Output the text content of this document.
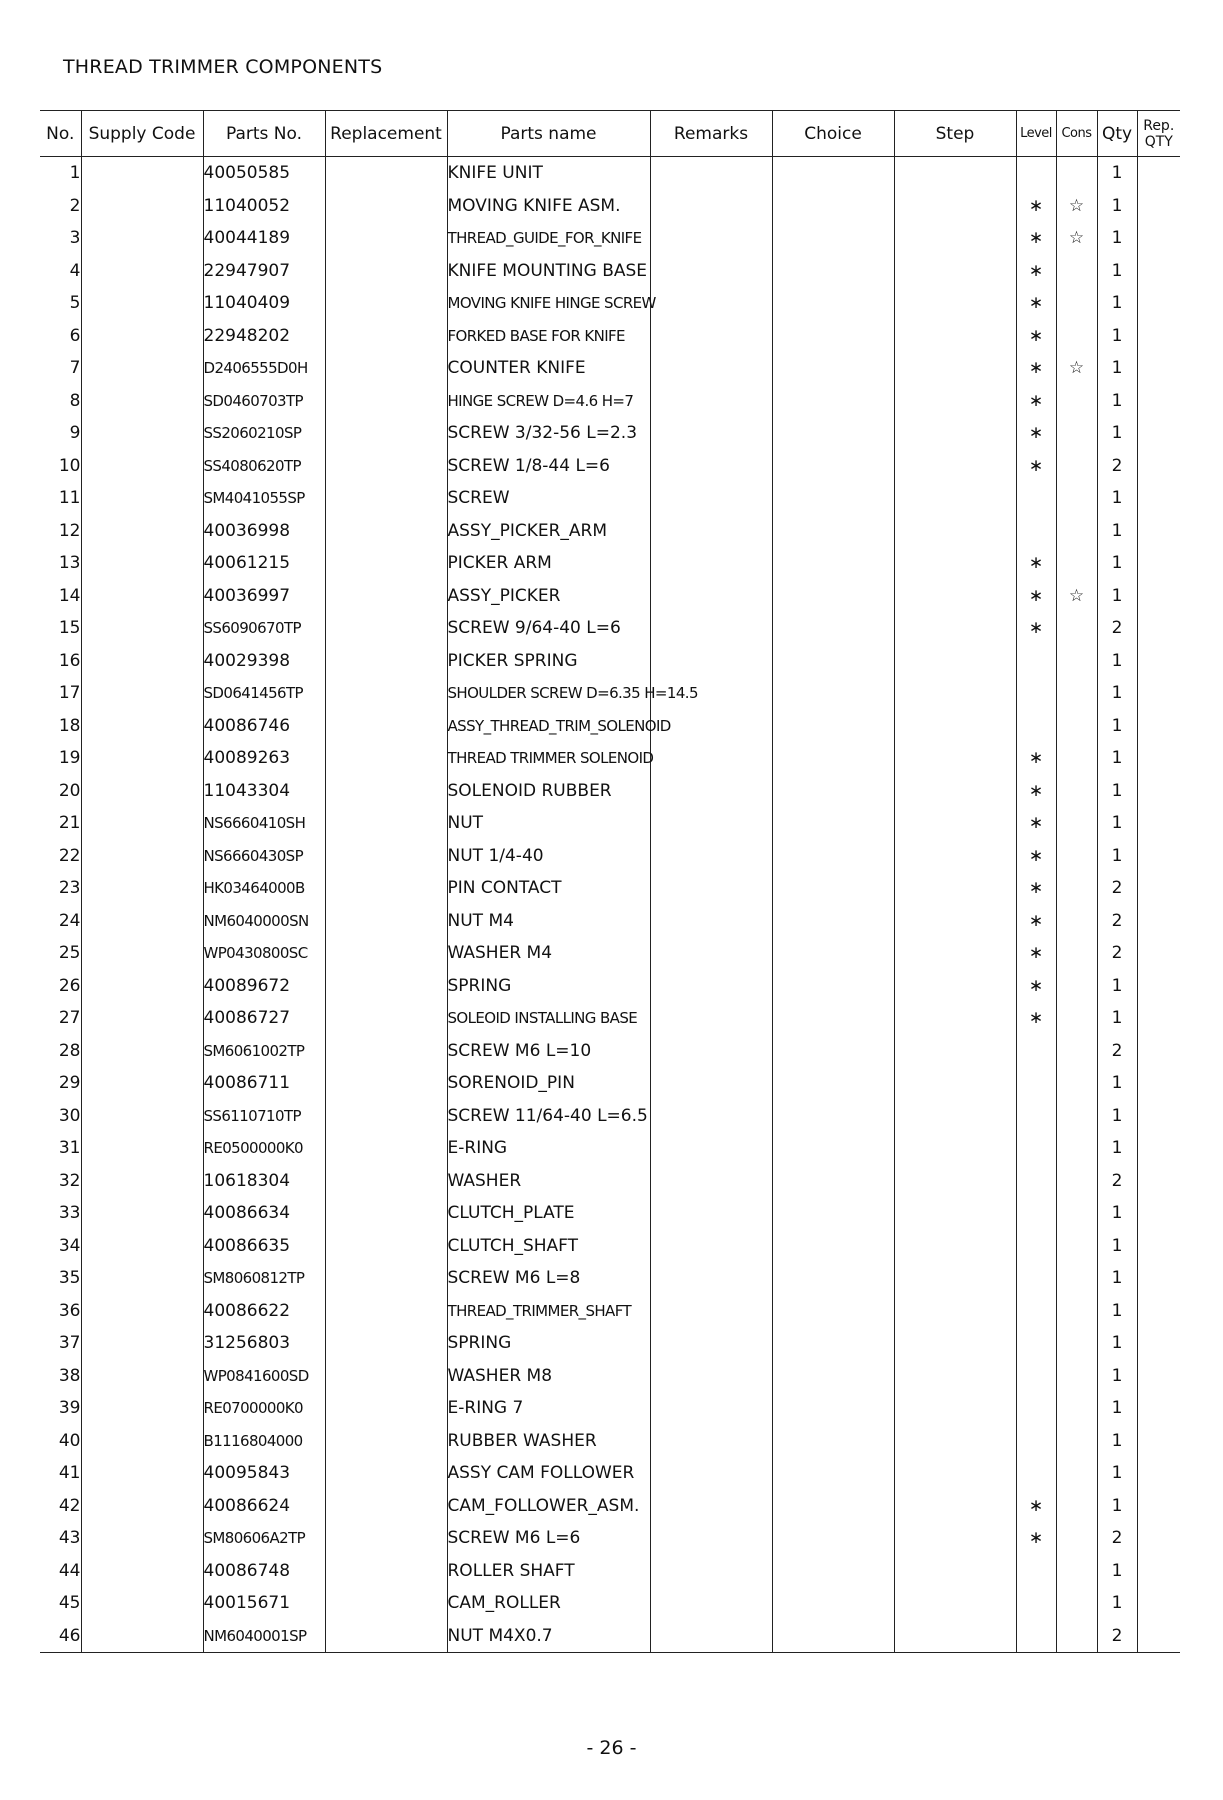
THREAD TRIMMER COMPONENTS
No.	Supply Code	Parts No.	Replacement	Parts name	Remarks	Choice	Step	Level	Cons	Qty	Rep.
QTY
1		40050585		KNIFE UNIT						1	
2		11040052		MOVING KNIFE ASM.				∗	☆	1	
3		40044189		THREAD_GUIDE_FOR_KNIFE				∗	☆	1	
4		22947907		KNIFE MOUNTING BASE				∗		1	
5		11040409		MOVING KNIFE HINGE SCREW				∗		1	
6		22948202		FORKED BASE FOR KNIFE				∗		1	
7		D2406555D0H		COUNTER KNIFE				∗	☆	1	
8		SD0460703TP		HINGE SCREW D=4.6 H=7				∗		1	
9		SS2060210SP		SCREW 3/32-56 L=2.3				∗		1	
10		SS4080620TP		SCREW 1/8-44 L=6				∗		2	
11		SM4041055SP		SCREW						1	
12		40036998		ASSY_PICKER_ARM						1	
13		40061215		PICKER ARM				∗		1	
14		40036997		ASSY_PICKER				∗	☆	1	
15		SS6090670TP		SCREW 9/64-40 L=6				∗		2	
16		40029398		PICKER SPRING						1	
17		SD0641456TP		SHOULDER SCREW D=6.35 H=14.5						1	
18		40086746		ASSY_THREAD_TRIM_SOLENOID						1	
19		40089263		THREAD TRIMMER SOLENOID				∗		1	
20		11043304		SOLENOID RUBBER				∗		1	
21		NS6660410SH		NUT				∗		1	
22		NS6660430SP		NUT 1/4-40				∗		1	
23		HK03464000B		PIN CONTACT				∗		2	
24		NM6040000SN		NUT M4				∗		2	
25		WP0430800SC		WASHER M4				∗		2	
26		40089672		SPRING				∗		1	
27		40086727		SOLEOID INSTALLING BASE				∗		1	
28		SM6061002TP		SCREW M6 L=10						2	
29		40086711		SORENOID_PIN						1	
30		SS6110710TP		SCREW 11/64-40 L=6.5						1	
31		RE0500000K0		E-RING						1	
32		10618304		WASHER						2	
33		40086634		CLUTCH_PLATE						1	
34		40086635		CLUTCH_SHAFT						1	
35		SM8060812TP		SCREW M6 L=8						1	
36		40086622		THREAD_TRIMMER_SHAFT						1	
37		31256803		SPRING						1	
38		WP0841600SD		WASHER M8						1	
39		RE0700000K0		E-RING 7						1	
40		B1116804000		RUBBER WASHER						1	
41		40095843		ASSY CAM FOLLOWER						1	
42		40086624		CAM_FOLLOWER_ASM.				∗		1	
43		SM80606A2TP		SCREW M6 L=6				∗		2	
44		40086748		ROLLER SHAFT						1	
45		40015671		CAM_ROLLER						1	
46		NM6040001SP		NUT M4X0.7						2	
- 26 -
